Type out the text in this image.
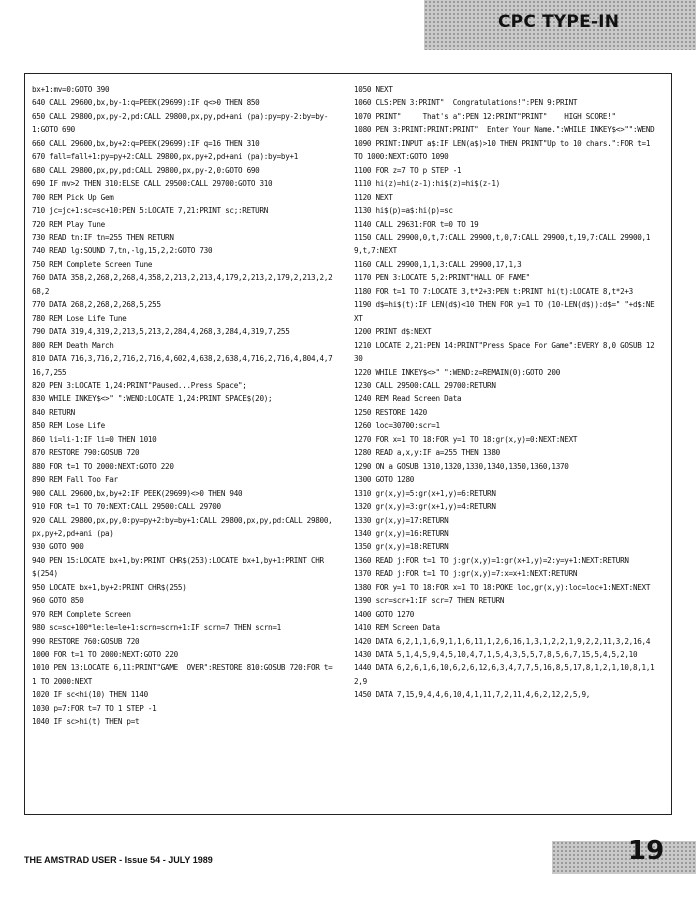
CPC TYPE-IN
bx+1:mv=0:GOTO 390
640 CALL 29600,bx,by-1:q=PEEK(29699):IF q<>0 THEN 850
650 CALL 29800,px,py-2,pd:CALL 29800,px,py,pd+ani (pa):py=py-2:by=by-1:GOTO 690
660 CALL 29600,bx,by+2:q=PEEK(29699):IF q=16 THEN 310
670 fall=fall+1:py=py+2:CALL 29800,px,py+2,pd+ani (pa):by=by+1
680 CALL 29800,px,py,pd:CALL 29800,px,py-2,0:GOTO 690
690 IF mv>2 THEN 310:ELSE CALL 29500:CALL 29700:GOTO 310
700 REM Pick Up Gem
710 jc=jc+1:sc=sc+10:PEN 5:LOCATE 7,21:PRINT sc;:RETURN
720 REM Play Tune
730 READ tn:IF tn=255 THEN RETURN
740 READ lg:SOUND 7,tn,-lg,15,2,2:GOTO 730
750 REM Complete Screen Tune
760 DATA 358,2,268,2,268,4,358,2,213,2,213,4,179,2,213,2,179,2,213,2,268,2
770 DATA 268,2,268,2,268,5,255
780 REM Lose Life Tune
790 DATA 319,4,319,2,213,5,213,2,284,4,268,3,284,4,319,7,255
800 REM Death March
810 DATA 716,3,716,2,716,2,716,4,602,4,638,2,638,4,716,2,716,4,804,4,716,7,255
820 PEN 3:LOCATE 1,24:PRINT"Paused...Press Space";
830 WHILE INKEY$<>" ":WEND:LOCATE 1,24:PRINT SPACE$(20);
840 RETURN
850 REM Lose Life
860 li=li-1:IF li=0 THEN 1010
870 RESTORE 790:GOSUB 720
880 FOR t=1 TO 2000:NEXT:GOTO 220
890 REM Fall Too Far
900 CALL 29600,bx,by+2:IF PEEK(29699)<>0 THEN 940
910 FOR t=1 TO 70:NEXT:CALL 29500:CALL 29700
920 CALL 29800,px,py,0:py=py+2:by=by+1:CALL 29800,px,py,pd:CALL 29800,px,py+2,pd+ani (pa)
930 GOTO 900
940 PEN 15:LOCATE bx+1,by:PRINT CHR$(253):LOCATE bx+1,by+1:PRINT CHR$(254)
950 LOCATE bx+1,by+2:PRINT CHR$(255)
960 GOTO 850
970 REM Complete Screen
980 sc=sc+100*le:le=le+1:scrn=scrn+1:IF scrn=7 THEN scrn=1
990 RESTORE 760:GOSUB 720
1000 FOR t=1 TO 2000:NEXT:GOTO 220
1010 PEN 13:LOCATE 6,11:PRINT"GAME  OVER":RESTORE 810:GOSUB 720:FOR t=1 TO 2000:NEXT
1020 IF sc<hi(10) THEN 1140
1030 p=7:FOR t=7 TO 1 STEP -1
1040 IF sc>hi(t) THEN p=t
1050 NEXT
1060 CLS:PEN 3:PRINT"  Congratulations!":PEN 9:PRINT
1070 PRINT"     That's a":PEN 12:PRINT"PRINT"    HIGH SCORE!"
1080 PEN 3:PRINT:PRINT:PRINT"  Enter Your Name.":WHILE INKEY$<>"":WEND
1090 PRINT:INPUT a$:IF LEN(a$)>10 THEN PRINT"Up to 10 chars.":FOR t=1 TO 1000:NEXT:GOTO 1090
1100 FOR z=7 TO p STEP -1
1110 hi(z)=hi(z-1):hi$(z)=hi$(z-1)
1120 NEXT
1130 hi$(p)=a$:hi(p)=sc
1140 CALL 29631:FOR t=0 TO 19
1150 CALL 29900,0,t,7:CALL 29900,t,0,7:CALL 29900,t,19,7:CALL 29900,19,t,7:NEXT
1160 CALL 29900,1,1,3:CALL 29900,17,1,3
1170 PEN 3:LOCATE 5,2:PRINT"HALL OF FAME"
1180 FOR t=1 TO 7:LOCATE 3,t*2+3:PEN t:PRINT hi(t):LOCATE 8,t*2+3
1190 d$=hi$(t):IF LEN(d$)<10 THEN FOR y=1 TO (10-LEN(d$)):d$=" "+d$:NEXT
1200 PRINT d$:NEXT
1210 LOCATE 2,21:PEN 14:PRINT"Press Space For Game":EVERY 8,0 GOSUB 1230
1220 WHILE INKEY$<>" ":WEND:z=REMAIN(0):GOTO 200
1230 CALL 29500:CALL 29700:RETURN
1240 REM Read Screen Data
1250 RESTORE 1420
1260 loc=30700:scr=1
1270 FOR x=1 TO 18:FOR y=1 TO 18:gr(x,y)=0:NEXT:NEXT
1280 READ a,x,y:IF a=255 THEN 1380
1290 ON a GOSUB 1310,1320,1330,1340,1350,1360,1370
1300 GOTO 1280
1310 gr(x,y)=5:gr(x+1,y)=6:RETURN
1320 gr(x,y)=3:gr(x+1,y)=4:RETURN
1330 gr(x,y)=17:RETURN
1340 gr(x,y)=16:RETURN
1350 gr(x,y)=18:RETURN
1360 READ j:FOR t=1 TO j:gr(x,y)=1:gr(x+1,y)=2:y=y+1:NEXT:RETURN
1370 READ j:FOR t=1 TO j:gr(x,y)=7:x=x+1:NEXT:RETURN
1380 FOR y=1 TO 18:FOR x=1 TO 18:POKE loc,gr(x,y):loc=loc+1:NEXT:NEXT
1390 scr=scr+1:IF scr=7 THEN RETURN
1400 GOTO 1270
1410 REM Screen Data
1420 DATA 6,2,1,1,6,9,1,1,6,11,1,2,6,16,1,3,1,2,2,1,9,2,2,11,3,2,16,4
1430 DATA 5,1,4,5,9,4,5,10,4,7,1,5,4,3,5,5,7,8,5,6,7,15,5,4,5,2,10
1440 DATA 6,2,6,1,6,10,6,2,6,12,6,3,4,7,7,5,16,8,5,17,8,1,2,1,10,8,1,12,9
1450 DATA 7,15,9,4,4,6,10,4,1,11,7,2,11,4,6,2,12,2,5,9,
THE AMSTRAD USER - Issue 54 - JULY 1989	19
